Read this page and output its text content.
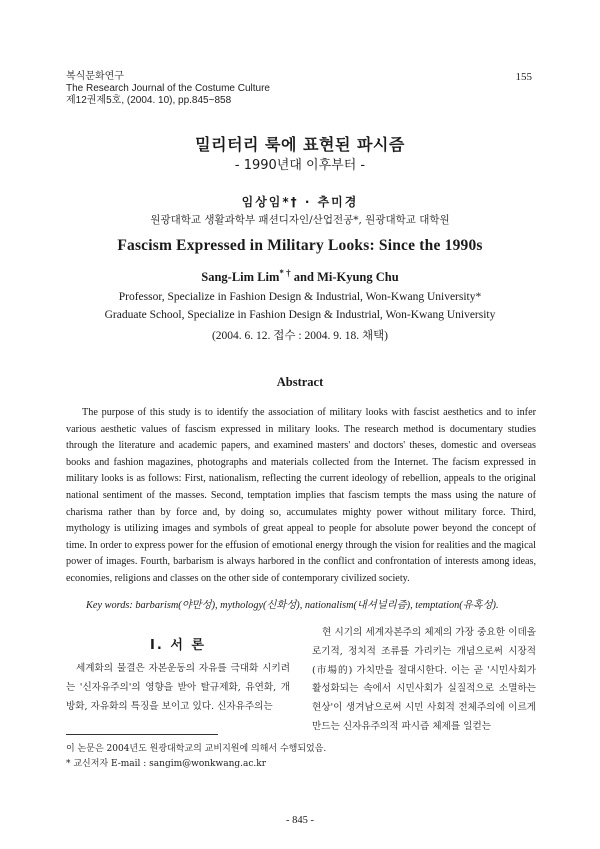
복식문화연구
The Research Journal of the Costume Culture
제12권제5호, (2004. 10), pp.845~858
155
밀리터리 룩에 표현된 파시즘
- 1990년대 이후부터 -
임상임*† · 추미경
원광대학교 생활과학부 패션디자인/산업전공*, 원광대학교 대학원
Fascism Expressed in Military Looks: Since the 1990s
Sang-Lim Lim* † and Mi-Kyung Chu
Professor, Specialize in Fashion Design & Industrial, Won-Kwang University*
Graduate School, Specialize in Fashion Design & Industrial, Won-Kwang University
(2004. 6. 12. 접수 : 2004. 9. 18. 채택)
Abstract
The purpose of this study is to identify the association of military looks with fascist aesthetics and to infer various aesthetic values of fascism expressed in military looks. The research method is documentary studies through the literature and academic papers, and examined masters' and doctors' theses, domestic and overseas books and fashion magazines, photographs and materials collected from the Internet. The facism expressed in military looks is as follows: First, nationalism, reflecting the current ideology of rebellion, appeals to the original national sentiment of the masses. Second, temptation implies that fascism tempts the mass using the nature of charisma rather than by force and, by doing so, accumulates mighty power without military force. Third, mythology is utilizing images and symbols of great appeal to people for absolute power beyond the concept of time. In order to express power for the effusion of emotional energy through the vision for realities and the magical power of images. Fourth, barbarism is always harbored in the conflict and confrontation of interests among ideas, economies, religions and classes on the other side of contemporary civilized society.
Key words: barbarism(야만성), mythology(신화성), nationalism(내셔널리즘), temptation(유혹성).
I. 서 론
세계화의 물결은 자본운동의 자유를 극대화 시키려는 '신자유주의'의 영향을 받아 탈규제화, 유연화, 개방화, 자유화의 특징을 보이고 있다. 신자유주의는
현 시기의 세계자본주의 체제의 가장 중요한 이데올로기적, 정치적 조류를 가리키는 개념으로써 시장적(市場的) 가치만을 절대시한다. 이는 곧 '시민사회가 활성화되는 속에서 시민사회가 실질적으로 소멸하는 현상'이 생겨남으로써 시민 사회적 전체주의에 이르게 만드는 신자유주의적 파시즘 체제를 일컫는
이 논문은 2004년도 원광대학교의 교비지원에 의해서 수행되었음.
* 교신저자 E-mail : sangim@wonkwang.ac.kr
- 845 -
